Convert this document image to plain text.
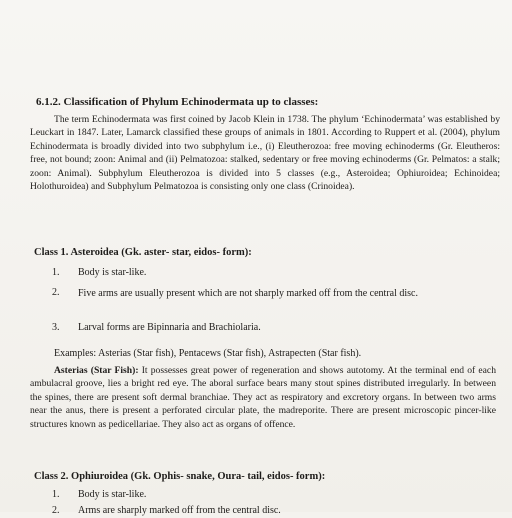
6.1.2. Classification of Phylum Echinodermata up to classes:
The term Echinodermata was first coined by Jacob Klein in 1738. The phylum ‘Echinodermata’ was established by Leuckart in 1847. Later, Lamarck classified these groups of animals in 1801. According to Ruppert et al. (2004), phylum Echinodermata is broadly divided into two subphylum i.e., (i) Eleutherozoa: free moving echinoderms (Gr. Eleutheros: free, not bound; zoon: Animal and (ii) Pelmatozoa: stalked, sedentary or free moving echinoderms (Gr. Pelmatos: a stalk; zoon: Animal). Subphylum Eleutherozoa is divided into 5 classes (e.g., Asteroidea; Ophiuroidea; Echinoidea; Holothuroidea) and Subphylum Pelmatozoa is consisting only one class (Crinoidea).
Class 1. Asteroidea (Gk. aster- star, eidos- form):
1.	Body is star-like.
2.	Five arms are usually present which are not sharply marked off from the central disc.
3.	Larval forms are Bipinnaria and Brachiolaria.
Examples: Asterias (Star fish), Pentacews (Star fish), Astrapecten (Star fish).
Asterias (Star Fish): It possesses great power of regeneration and shows autotomy. At the terminal end of each ambulacral groove, lies a bright red eye. The aboral surface bears many stout spines distributed irregularly. In between the spines, there are present soft dermal branchiae. They act as respiratory and excretory organs. In between two arms near the anus, there is present a perforated circular plate, the madreporite. There are present microscopic pincer-like structures known as pedicellariae. They also act as organs of offence.
Class 2. Ophiuroidea (Gk. Ophis- snake, Oura- tail, eidos- form):
1.	Body is star-like.
2.	Arms are sharply marked off from the central disc.
